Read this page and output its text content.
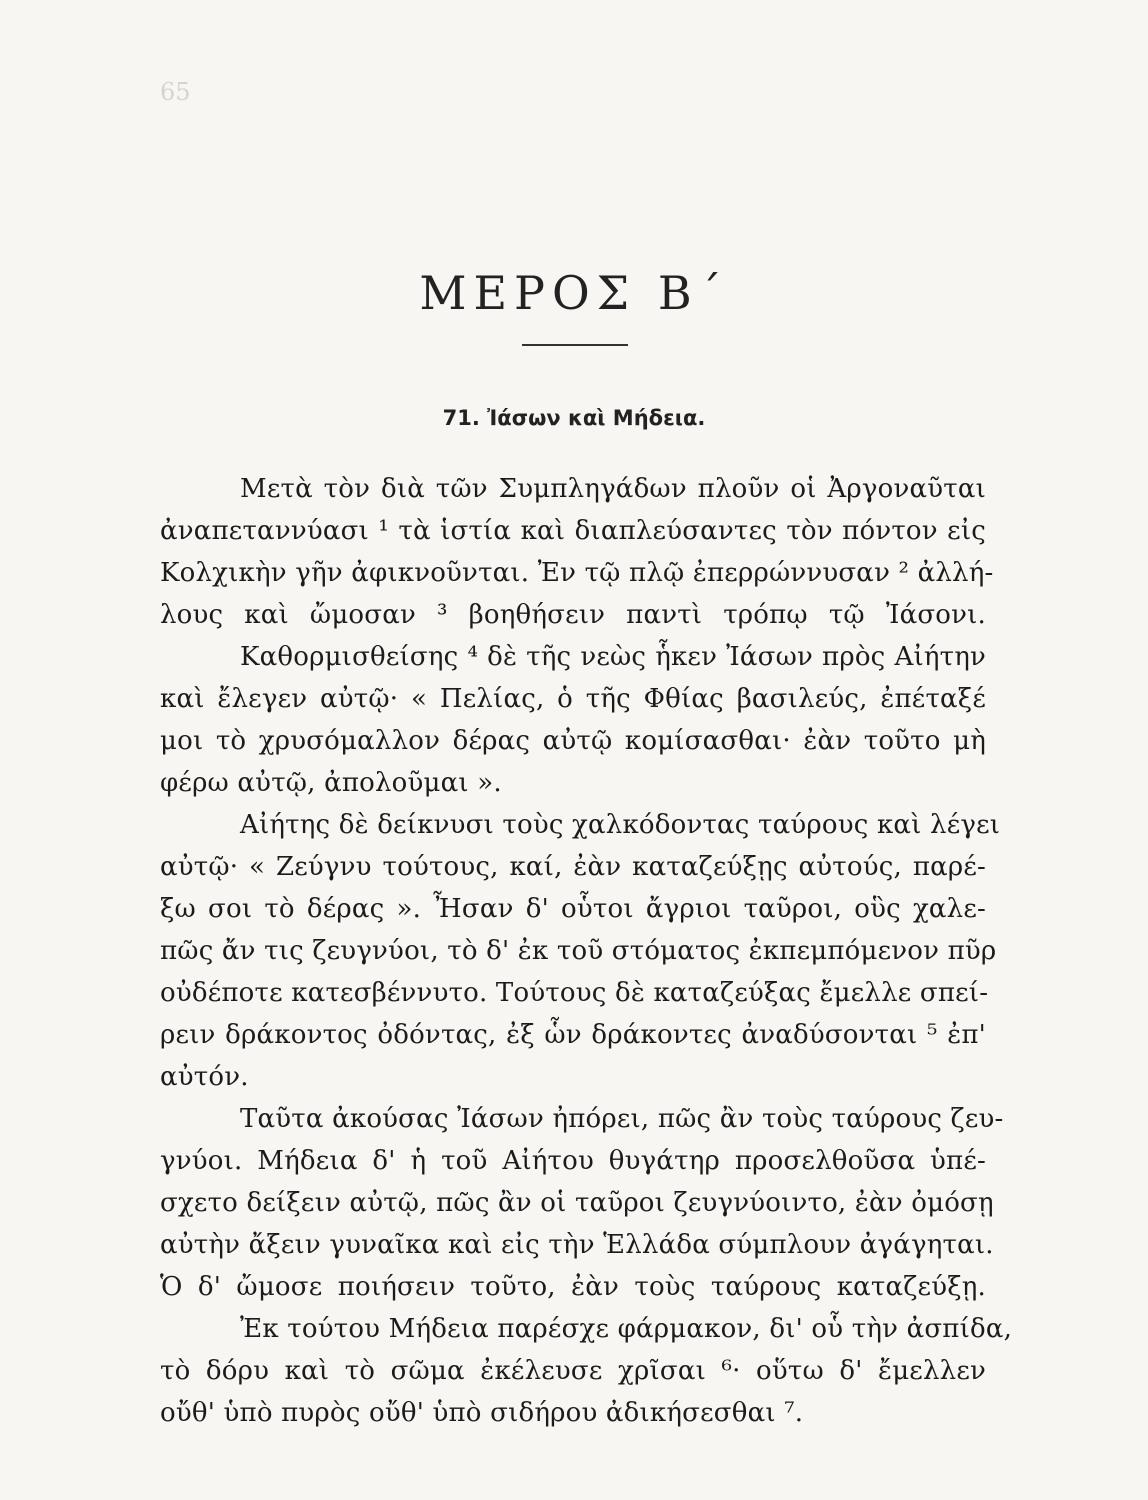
65
ΜΕΡΟΣ Β΄
71. Ἰάσων καὶ Μήδεια.
Μετὰ τὸν διὰ τῶν Συμπληγάδων πλοῦν οἱ Ἀργοναῦται
ἀναπεταννύασι ¹ τὰ ἱστία καὶ διαπλεύσαντες τὸν πόντον εἰς
Κολχικὴν γῆν ἀφικνοῦνται. Ἐν τῷ πλῷ ἐπερρώννυσαν ² ἀλλή-
λους καὶ ὤμοσαν ³ βοηθήσειν παντὶ τρόπῳ τῷ Ἰάσονι.
Καθορμισθείσης ⁴ δὲ τῆς νεὼς ἧκεν Ἰάσων πρὸς Αἰήτην
καὶ ἔλεγεν αὐτῷ· « Πελίας, ὁ τῆς Φθίας βασιλεύς, ἐπέταξέ
μοι τὸ χρυσόμαλλον δέρας αὐτῷ κομίσασθαι· ἐὰν τοῦτο μὴ
φέρω αὐτῷ, ἀπολοῦμαι ».
Αἰήτης δὲ δείκνυσι τοὺς χαλκόδοντας ταύρους καὶ λέγει
αὐτῷ· « Ζεύγνυ τούτους, καί, ἐὰν καταζεύξῃς αὐτούς, παρέ-
ξω σοι τὸ δέρας ». Ἦσαν δ' οὗτοι ἄγριοι ταῦροι, οὓς χαλε-
πῶς ἄν τις ζευγνύοι, τὸ δ' ἐκ τοῦ στόματος ἐκπεμπόμενον πῦρ
οὐδέποτε κατεσβέννυτο. Τούτους δὲ καταζεύξας ἔμελλε σπεί-
ρειν δράκοντος ὀδόντας, ἐξ ὧν δράκοντες ἀναδύσονται ⁵ ἐπ'
αὐτόν.
Ταῦτα ἀκούσας Ἰάσων ἠπόρει, πῶς ἂν τοὺς ταύρους ζευ-
γνύοι. Μήδεια δ' ἡ τοῦ Αἰήτου θυγάτηρ προσελθοῦσα ὑπέ-
σχετο δείξειν αὐτῷ, πῶς ἂν οἱ ταῦροι ζευγνύοιντο, ἐὰν ὀμόσῃ
αὐτὴν ἄξειν γυναῖκα καὶ εἰς τὴν Ἑλλάδα σύμπλουν ἀγάγηται.
Ὁ δ' ὤμοσε ποιήσειν τοῦτο, ἐὰν τοὺς ταύρους καταζεύξῃ.
Ἐκ τούτου Μήδεια παρέσχε φάρμακον, δι' οὗ τὴν ἀσπίδα,
τὸ δόρυ καὶ τὸ σῶμα ἐκέλευσε χρῖσαι ⁶· οὕτω δ' ἔμελλεν
οὔθ' ὑπὸ πυρὸς οὔθ' ὑπὸ σιδήρου ἀδικήσεσθαι ⁷.
